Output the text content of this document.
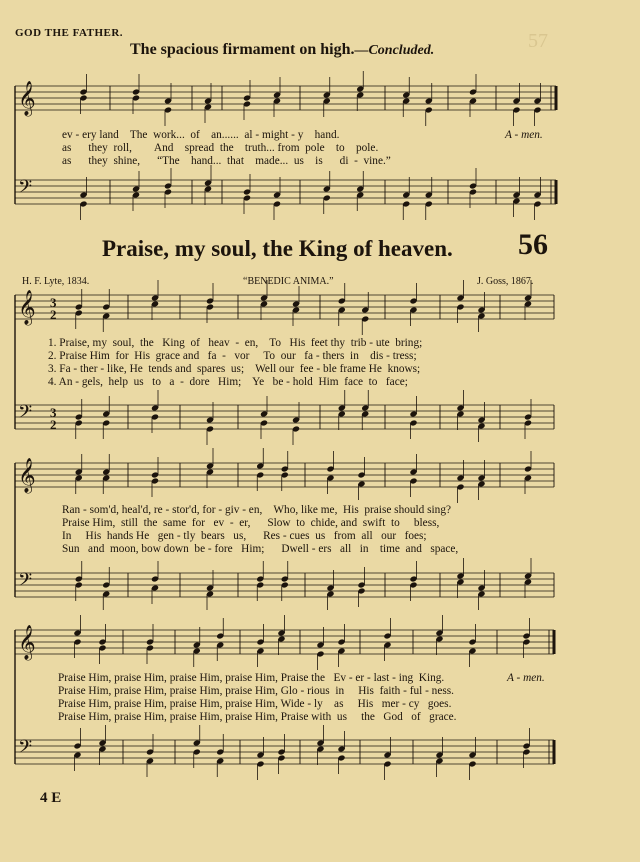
𝄞
𝄢
𝄞
𝄢
𝄞
𝄢
𝄞
𝄢
3
2
3
2
GOD THE FATHER.	57
The spacious firmament on high.—Concluded.
ev - ery land    The  work...  of    an......  al - might - y    hand.	A - men.
as      they  roll,        And    spread  the    truth... from  pole    to    pole.
as      they  shine,      “The    hand...  that    made...  us    is      di  -  vine.”
Praise, my soul, the King of heaven. 56
H. F. Lyte, 1834.	“BENEDIC ANIMA.”	J. Goss, 1867.
1. Praise, my  soul,  the   King  of   heav  -  en,    To   His  feet thy  trib - ute  bring;
2. Praise Him  for  His  grace and   fa  -   vor     To  our   fa - thers  in    dis - tress;
3. Fa - ther - like, He  tends and  spares  us;    Well our  fee - ble frame He  knows;
4. An - gels,  help  us   to   a  -  dore   Him;    Ye   be - hold  Him  face  to   face;
Ran - som'd, heal'd, re - stor'd, for - giv - en,    Who, like me,  His  praise should sing?
Praise Him,  still  the  same  for   ev  -  er,      Slow  to  chide, and  swift  to     bless,
In     His  hands He   gen - tly  bears   us,      Res - cues  us   from  all   our   foes;
Sun   and  moon, bow down  be - fore   Him;      Dwell - ers   all   in    time  and   space,
Praise Him, praise Him, praise Him, praise Him, Praise the   Ev - er - last - ing  King.	A - men.
Praise Him, praise Him, praise Him, praise Him, Glo - rious  in     His  faith - ful - ness.
Praise Him, praise Him, praise Him, praise Him, Wide - ly    as     His   mer - cy   goes.
Praise Him, praise Him, praise Him, praise Him, Praise with  us     the   God   of   grace.
4 E
